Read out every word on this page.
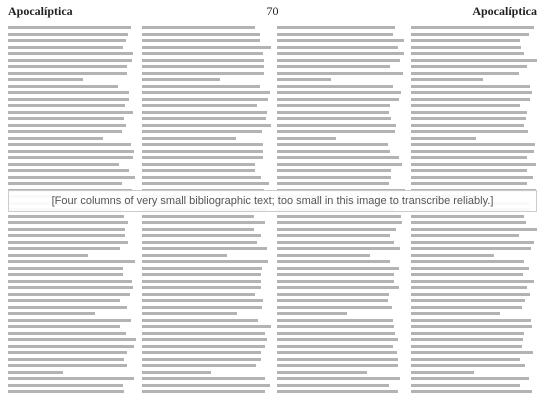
Apocalíptica	70	Apocalíptica
[Four columns of very small bibliographic text; too small in this image to transcribe reliably.]
